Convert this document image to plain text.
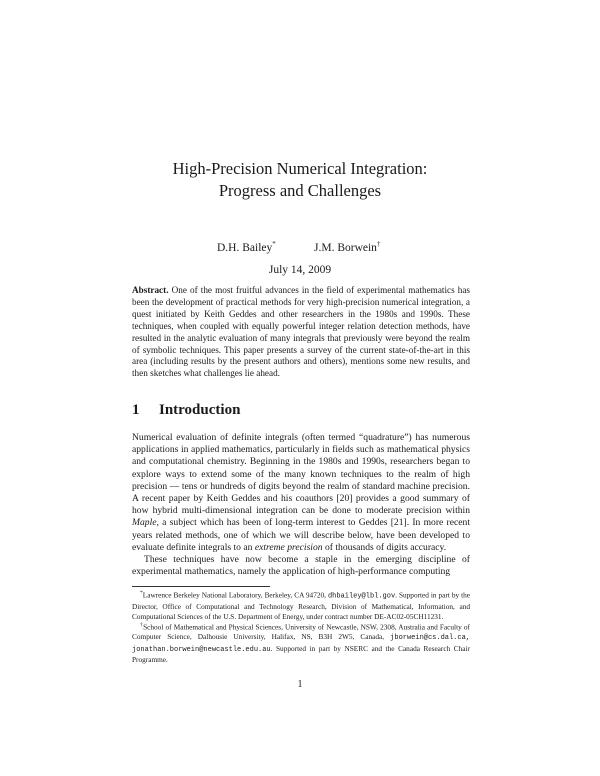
High-Precision Numerical Integration:
Progress and Challenges
D.H. Bailey*	J.M. Borwein†
July 14, 2009
Abstract. One of the most fruitful advances in the field of experimental mathematics has been the development of practical methods for very high-precision numerical integration, a quest initiated by Keith Geddes and other researchers in the 1980s and 1990s. These techniques, when coupled with equally powerful integer relation detection methods, have resulted in the analytic evaluation of many integrals that previously were beyond the realm of symbolic techniques. This paper presents a survey of the current state-of-the-art in this area (including results by the present authors and others), mentions some new results, and then sketches what challenges lie ahead.
1 Introduction

Numerical evaluation of definite integrals (often termed “quadrature”) has numerous applications in applied mathematics, particularly in fields such as mathematical physics and computational chemistry. Beginning in the 1980s and 1990s, researchers began to explore ways to extend some of the many known techniques to the realm of high precision — tens or hundreds of digits beyond the realm of standard machine precision. A recent paper by Keith Geddes and his coauthors [20] provides a good summary of how hybrid multi-dimensional integration can be done to moderate precision within Maple, a subject which has been of long-term interest to Geddes [21]. In more recent years related methods, one of which we will describe below, have been developed to evaluate definite integrals to an extreme precision of thousands of digits accuracy.

These techniques have now become a staple in the emerging discipline of experimental mathematics, namely the application of high-performance computing

*Lawrence Berkeley National Laboratory, Berkeley, CA 94720, dhbailey@lbl.gov. Supported in part by the Director, Office of Computational and Technology Research, Division of Mathematical, Information, and Computational Sciences of the U.S. Department of Energy, under contract number DE-AC02-05CH11231.

†School of Mathematical and Physical Sciences, University of Newcastle, NSW, 2308, Australia and Faculty of Computer Science, Dalhousie University, Halifax, NS, B3H 2W5, Canada, jborwein@cs.dal.ca, jonathan.borwein@newcastle.edu.au. Supported in part by NSERC and the Canada Research Chair Programme.

1
